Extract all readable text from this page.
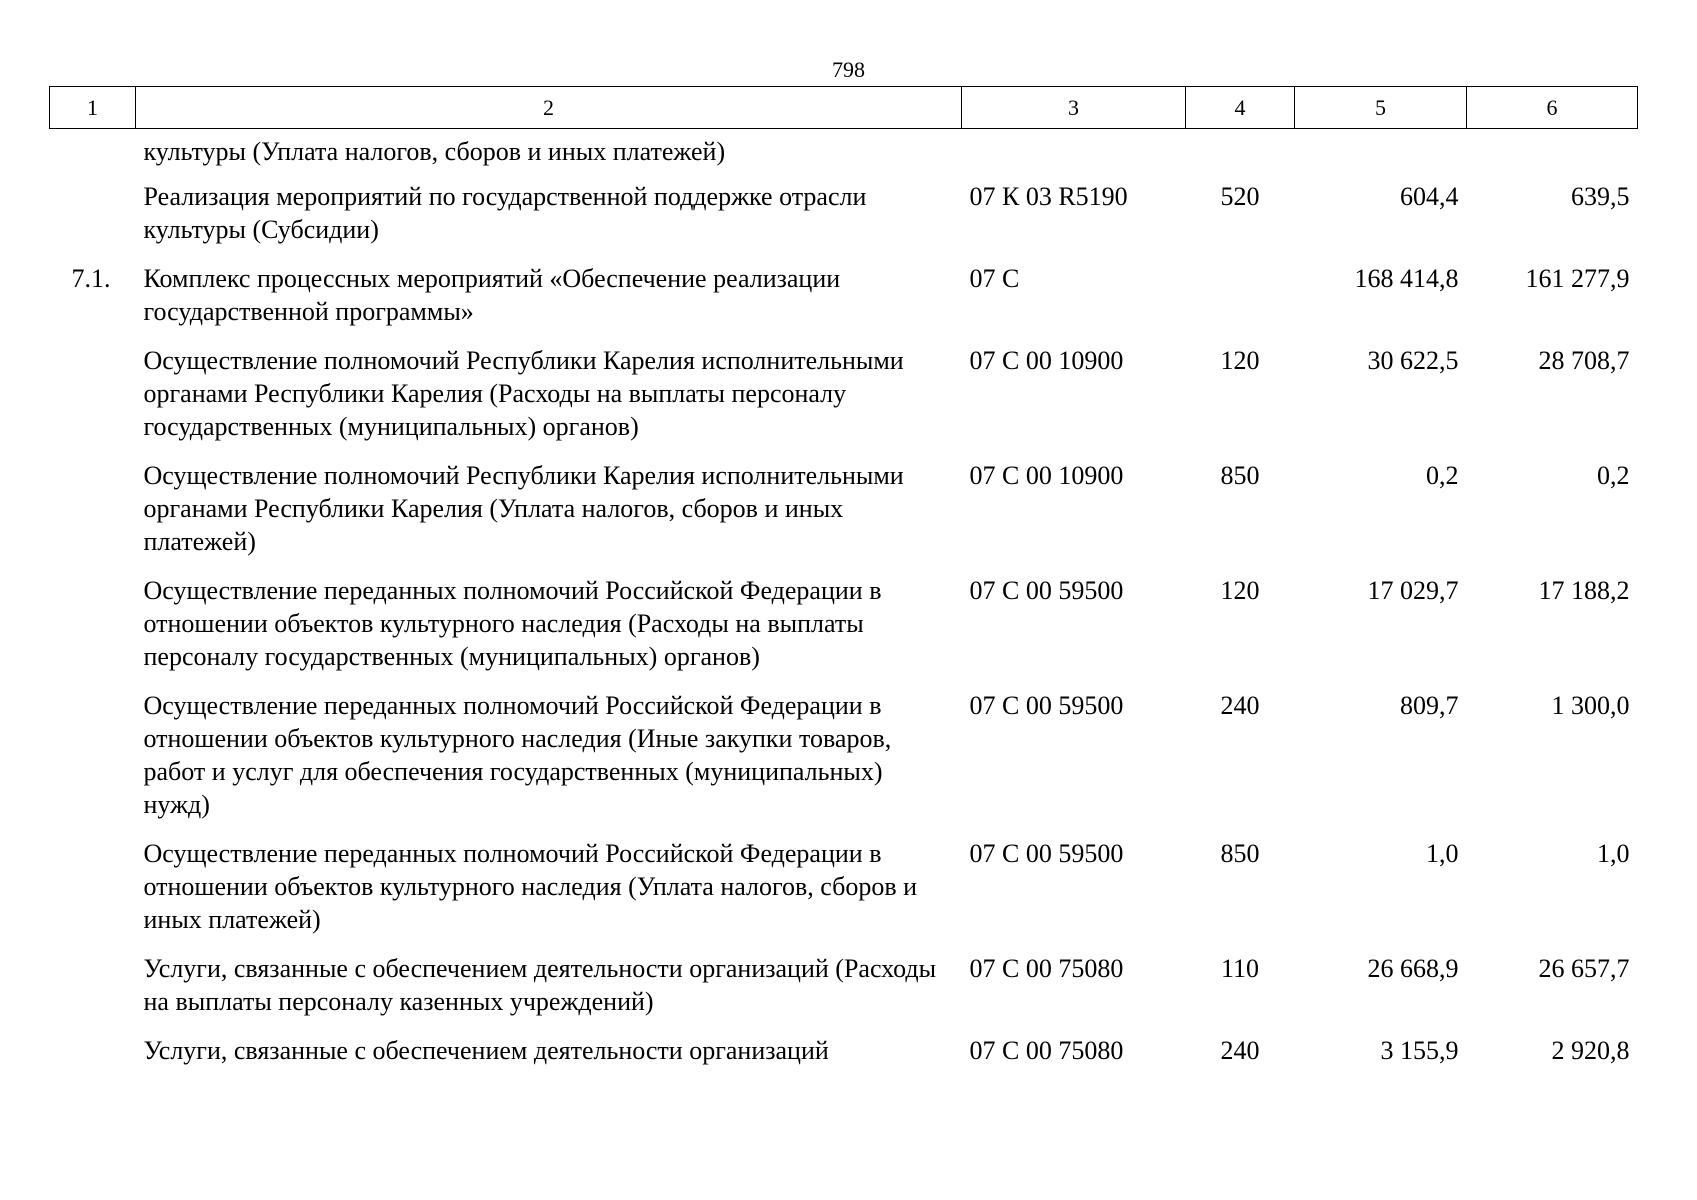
798
1	2	3	4	5	6
	культуры (Уплата налогов, сборов и иных платежей)				
	Реализация мероприятий по государственной поддержке отрасли культуры (Субсидии)	07 К 03 R5190	520	604,4	639,5
7.1.	Комплекс процессных мероприятий «Обеспечение реализации государственной программы»	07 С		168 414,8	161 277,9
	Осуществление полномочий Республики Карелия исполнительными органами Республики Карелия (Расходы на выплаты персоналу государственных (муниципальных) органов)	07 С 00 10900	120	30 622,5	28 708,7
	Осуществление полномочий Республики Карелия исполнительными органами Республики Карелия (Уплата налогов, сборов и иных платежей)	07 С 00 10900	850	0,2	0,2
	Осуществление переданных полномочий Российской Федерации в отношении объектов культурного наследия (Расходы на выплаты персоналу государственных (муниципальных) органов)	07 С 00 59500	120	17 029,7	17 188,2
	Осуществление переданных полномочий Российской Федерации в отношении объектов культурного наследия (Иные закупки товаров, работ и услуг для обеспечения государственных (муниципальных) нужд)	07 С 00 59500	240	809,7	1 300,0
	Осуществление переданных полномочий Российской Федерации в отношении объектов культурного наследия (Уплата налогов, сборов и иных платежей)	07 С 00 59500	850	1,0	1,0
	Услуги, связанные с обеспечением деятельности организаций (Расходы на выплаты персоналу казенных учреждений)	07 С 00 75080	110	26 668,9	26 657,7
	Услуги, связанные с обеспечением деятельности организаций	07 С 00 75080	240	3 155,9	2 920,8
